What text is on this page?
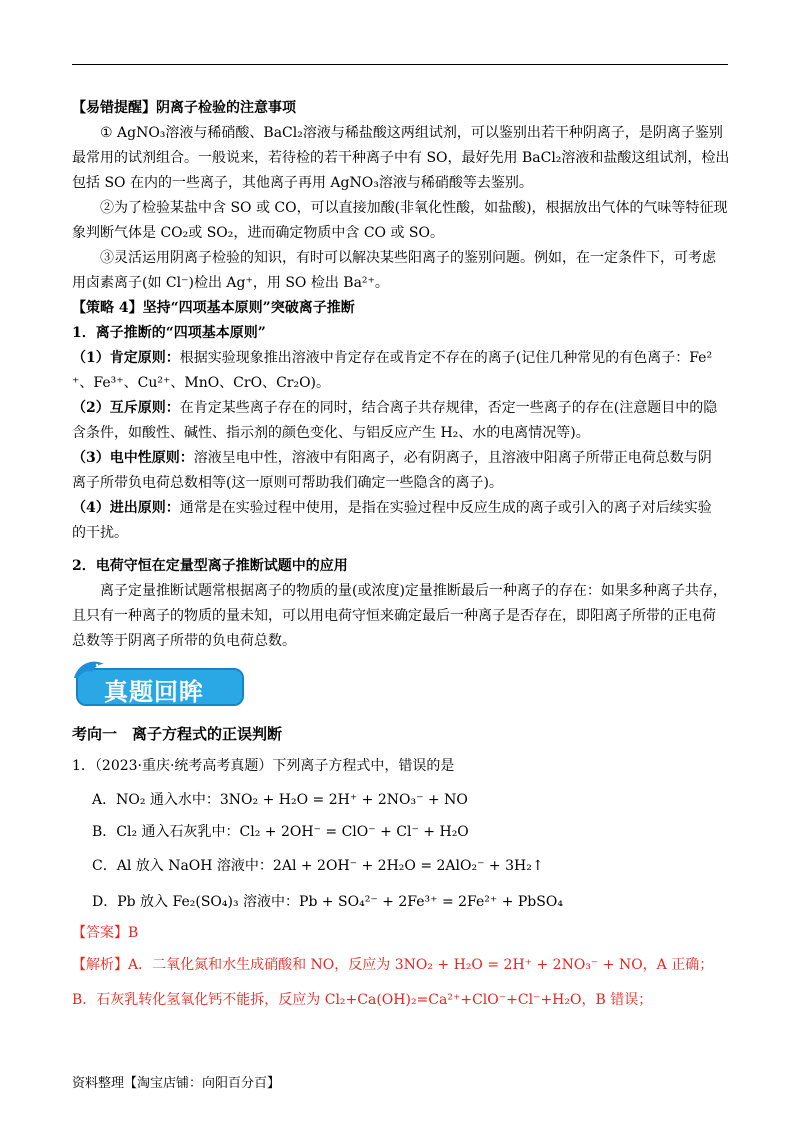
【易错提醒】阴离子检验的注意事项
① AgNO₃溶液与稀硝酸、BaCl₂溶液与稀盐酸这两组试剂，可以鉴别出若干种阴离子，是阴离子鉴别
最常用的试剂组合。一般说来，若待检的若干种离子中有 SO，最好先用 BaCl₂溶液和盐酸这组试剂，检出
包括 SO 在内的一些离子，其他离子再用 AgNO₃溶液与稀硝酸等去鉴别。
②为了检验某盐中含 SO 或 CO，可以直接加酸(非氧化性酸，如盐酸)，根据放出气体的气味等特征现
象判断气体是 CO₂或 SO₂，进而确定物质中含 CO 或 SO。
③灵活运用阴离子检验的知识，有时可以解决某些阳离子的鉴别问题。例如，在一定条件下，可考虑
用卤素离子(如 Cl⁻)检出 Ag⁺，用 SO 检出 Ba²⁺。
【策略 4】坚持“四项基本原则”突破离子推断
1．离子推断的“四项基本原则”
（1）肯定原则：根据实验现象推出溶液中肯定存在或肯定不存在的离子(记住几种常见的有色离子：Fe²
⁺、Fe³⁺、Cu²⁺、MnO、CrO、Cr₂O)。
（2）互斥原则：在肯定某些离子存在的同时，结合离子共存规律，否定一些离子的存在(注意题目中的隐
含条件，如酸性、碱性、指示剂的颜色变化、与铝反应产生 H₂、水的电离情况等)。
（3）电中性原则：溶液呈电中性，溶液中有阳离子，必有阴离子，且溶液中阳离子所带正电荷总数与阴
离子所带负电荷总数相等(这一原则可帮助我们确定一些隐含的离子)。
（4）进出原则：通常是在实验过程中使用，是指在实验过程中反应生成的离子或引入的离子对后续实验
的干扰。
2．电荷守恒在定量型离子推断试题中的应用
离子定量推断试题常根据离子的物质的量(或浓度)定量推断最后一种离子的存在：如果多种离子共存，
且只有一种离子的物质的量未知，可以用电荷守恒来确定最后一种离子是否存在，即阳离子所带的正电荷
总数等于阴离子所带的负电荷总数。
真题回眸
考向一　离子方程式的正误判断
1．（2023·重庆·统考高考真题）下列离子方程式中，错误的是
A．NO₂ 通入水中：3NO₂ + H₂O = 2H⁺ + 2NO₃⁻ + NO
B．Cl₂ 通入石灰乳中：Cl₂ + 2OH⁻ = ClO⁻ + Cl⁻ + H₂O
C．Al 放入 NaOH 溶液中：2Al + 2OH⁻ + 2H₂O = 2AlO₂⁻ + 3H₂↑
D．Pb 放入 Fe₂(SO₄)₃ 溶液中：Pb + SO₄²⁻ + 2Fe³⁺ = 2Fe²⁺ + PbSO₄
【答案】B
【解析】A．二氧化氮和水生成硝酸和 NO，反应为 3NO₂ + H₂O = 2H⁺ + 2NO₃⁻ + NO，A 正确；
B．石灰乳转化氢氧化钙不能拆，反应为 Cl₂+Ca(OH)₂=Ca²⁺+ClO⁻+Cl⁻+H₂O，B 错误；
资料整理【淘宝店铺：向阳百分百】
